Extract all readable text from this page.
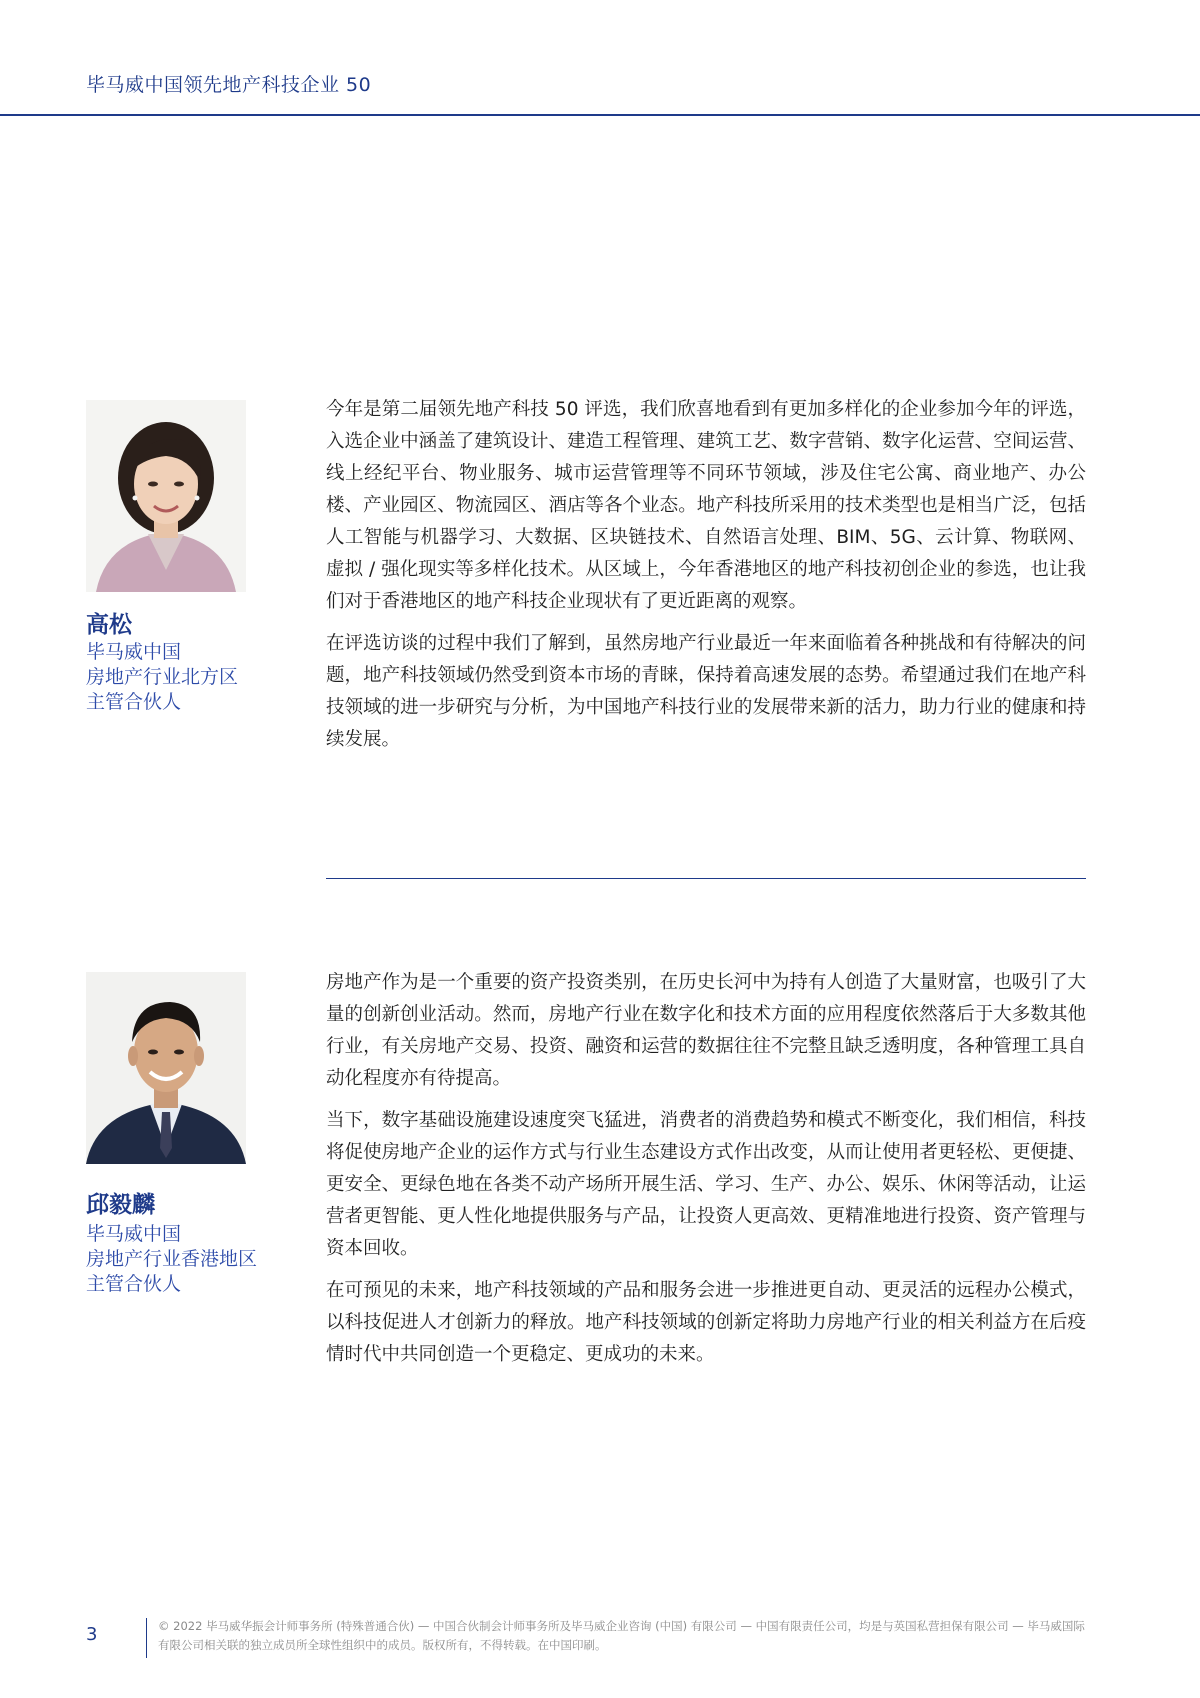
毕马威中国领先地产科技企业 50
高松
毕马威中国
房地产行业北方区
主管合伙人

今年是第二届领先地产科技 50 评选，我们欣喜地看到有更加多样化的企业参加今年的评选，入选企业中涵盖了建筑设计、建造工程管理、建筑工艺、数字营销、数字化运营、空间运营、线上经纪平台、物业服务、城市运营管理等不同环节领域，涉及住宅公寓、商业地产、办公楼、产业园区、物流园区、酒店等各个业态。地产科技所采用的技术类型也是相当广泛，包括人工智能与机器学习、大数据、区块链技术、自然语言处理、BIM、5G、云计算、物联网、虚拟 / 强化现实等多样化技术。从区域上，今年香港地区的地产科技初创企业的参选，也让我们对于香港地区的地产科技企业现状有了更近距离的观察。

在评选访谈的过程中我们了解到，虽然房地产行业最近一年来面临着各种挑战和有待解决的问题，地产科技领域仍然受到资本市场的青睐，保持着高速发展的态势。希望通过我们在地产科技领域的进一步研究与分析，为中国地产科技行业的发展带来新的活力，助力行业的健康和持续发展。

邱毅麟
毕马威中国
房地产行业香港地区
主管合伙人

房地产作为是一个重要的资产投资类别，在历史长河中为持有人创造了大量财富，也吸引了大量的创新创业活动。然而，房地产行业在数字化和技术方面的应用程度依然落后于大多数其他行业，有关房地产交易、投资、融资和运营的数据往往不完整且缺乏透明度，各种管理工具自动化程度亦有待提高。

当下，数字基础设施建设速度突飞猛进，消费者的消费趋势和模式不断变化，我们相信，科技将促使房地产企业的运作方式与行业生态建设方式作出改变，从而让使用者更轻松、更便捷、更安全、更绿色地在各类不动产场所开展生活、学习、生产、办公、娱乐、休闲等活动，让运营者更智能、更人性化地提供服务与产品，让投资人更高效、更精准地进行投资、资产管理与资本回收。

在可预见的未来，地产科技领域的产品和服务会进一步推进更自动、更灵活的远程办公模式，以科技促进人才创新力的释放。地产科技领域的创新定将助力房地产行业的相关利益方在后疫情时代中共同创造一个更稳定、更成功的未来。

3	© 2022 毕马威华振会计师事务所 (特殊普通合伙) — 中国合伙制会计师事务所及毕马威企业咨询 (中国) 有限公司 — 中国有限责任公司，均是与英国私营担保有限公司 — 毕马威国际有限公司相关联的独立成员所全球性组织中的成员。版权所有，不得转载。在中国印刷。
